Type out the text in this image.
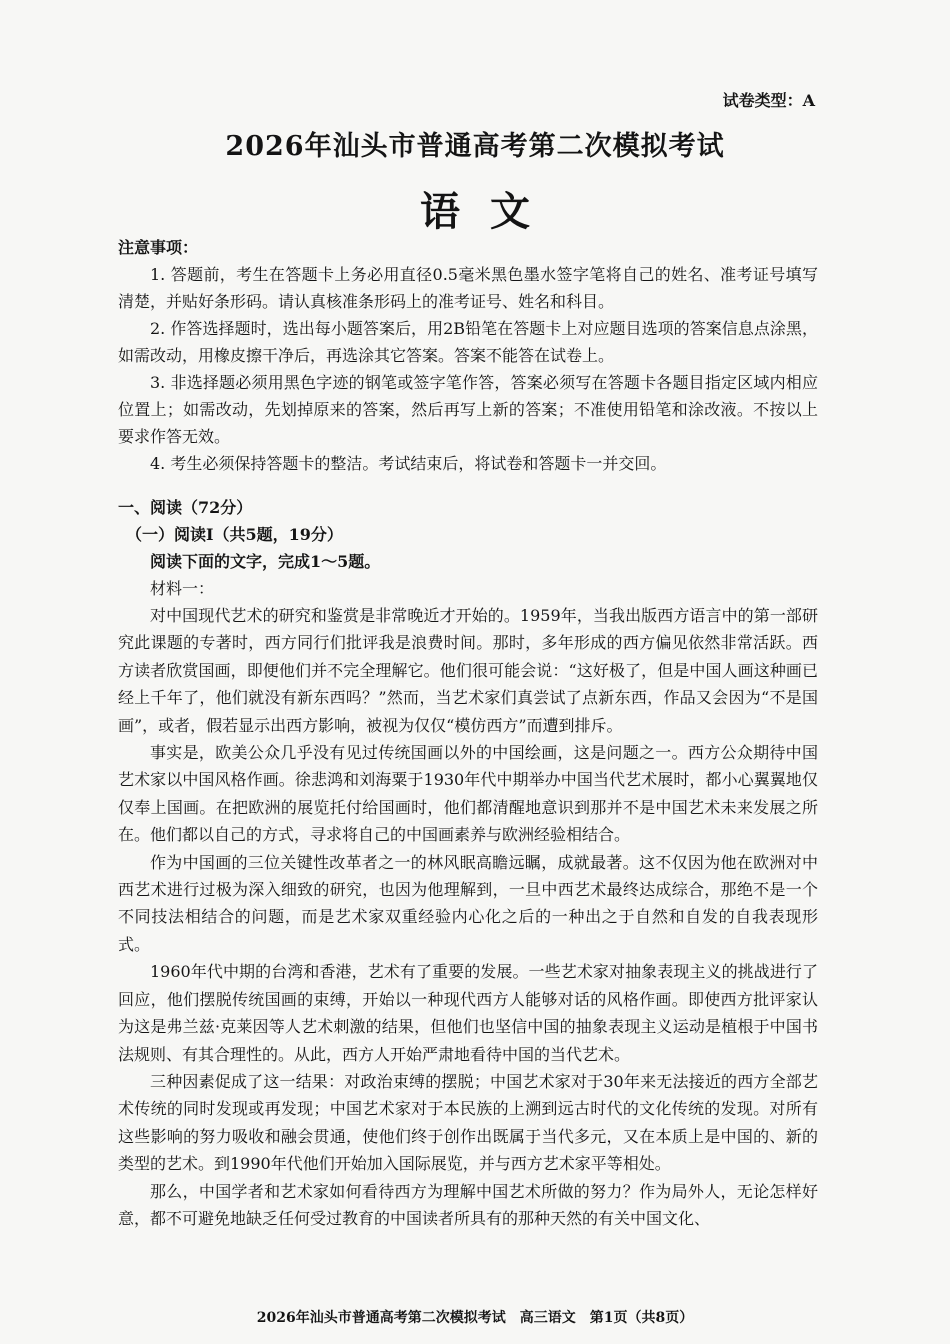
试卷类型：A
2026年汕头市普通高考第二次模拟考试
语文
注意事项：

1. 答题前，考生在答题卡上务必用直径0.5毫米黑色墨水签字笔将自己的姓名、准考证号填写清楚，并贴好条形码。请认真核准条形码上的准考证号、姓名和科目。

2. 作答选择题时，选出每小题答案后，用2B铅笔在答题卡上对应题目选项的答案信息点涂黑，如需改动，用橡皮擦干净后，再选涂其它答案。答案不能答在试卷上。

3. 非选择题必须用黑色字迹的钢笔或签字笔作答，答案必须写在答题卡各题目指定区域内相应位置上；如需改动，先划掉原来的答案，然后再写上新的答案；不准使用铅笔和涂改液。不按以上要求作答无效。

4. 考生必须保持答题卡的整洁。考试结束后，将试卷和答题卡一并交回。

一、阅读（72分）
（一）阅读Ⅰ（共5题，19分）
阅读下面的文字，完成1～5题。
材料一：

对中国现代艺术的研究和鉴赏是非常晚近才开始的。1959年，当我出版西方语言中的第一部研究此课题的专著时，西方同行们批评我是浪费时间。那时，多年形成的西方偏见依然非常活跃。西方读者欣赏国画，即便他们并不完全理解它。他们很可能会说：“这好极了，但是中国人画这种画已经上千年了，他们就没有新东西吗？”然而，当艺术家们真尝试了点新东西，作品又会因为“不是国画”，或者，假若显示出西方影响，被视为仅仅“模仿西方”而遭到排斥。

事实是，欧美公众几乎没有见过传统国画以外的中国绘画，这是问题之一。西方公众期待中国艺术家以中国风格作画。徐悲鸿和刘海粟于1930年代中期举办中国当代艺术展时，都小心翼翼地仅仅奉上国画。在把欧洲的展览托付给国画时，他们都清醒地意识到那并不是中国艺术未来发展之所在。他们都以自己的方式，寻求将自己的中国画素养与欧洲经验相结合。

作为中国画的三位关键性改革者之一的林风眠高瞻远瞩，成就最著。这不仅因为他在欧洲对中西艺术进行过极为深入细致的研究，也因为他理解到，一旦中西艺术最终达成综合，那绝不是一个不同技法相结合的问题，而是艺术家双重经验内心化之后的一种出之于自然和自发的自我表现形式。

1960年代中期的台湾和香港，艺术有了重要的发展。一些艺术家对抽象表现主义的挑战进行了回应，他们摆脱传统国画的束缚，开始以一种现代西方人能够对话的风格作画。即使西方批评家认为这是弗兰兹·克莱因等人艺术刺激的结果，但他们也坚信中国的抽象表现主义运动是植根于中国书法规则、有其合理性的。从此，西方人开始严肃地看待中国的当代艺术。

三种因素促成了这一结果：对政治束缚的摆脱；中国艺术家对于30年来无法接近的西方全部艺术传统的同时发现或再发现；中国艺术家对于本民族的上溯到远古时代的文化传统的发现。对所有这些影响的努力吸收和融会贯通，使他们终于创作出既属于当代多元，又在本质上是中国的、新的类型的艺术。到1990年代他们开始加入国际展览，并与西方艺术家平等相处。

那么，中国学者和艺术家如何看待西方为理解中国艺术所做的努力？作为局外人，无论怎样好意，都不可避免地缺乏任何受过教育的中国读者所具有的那种天然的有关中国文化、

2026年汕头市普通高考第二次模拟考试　高三语文　第1页（共8页）
